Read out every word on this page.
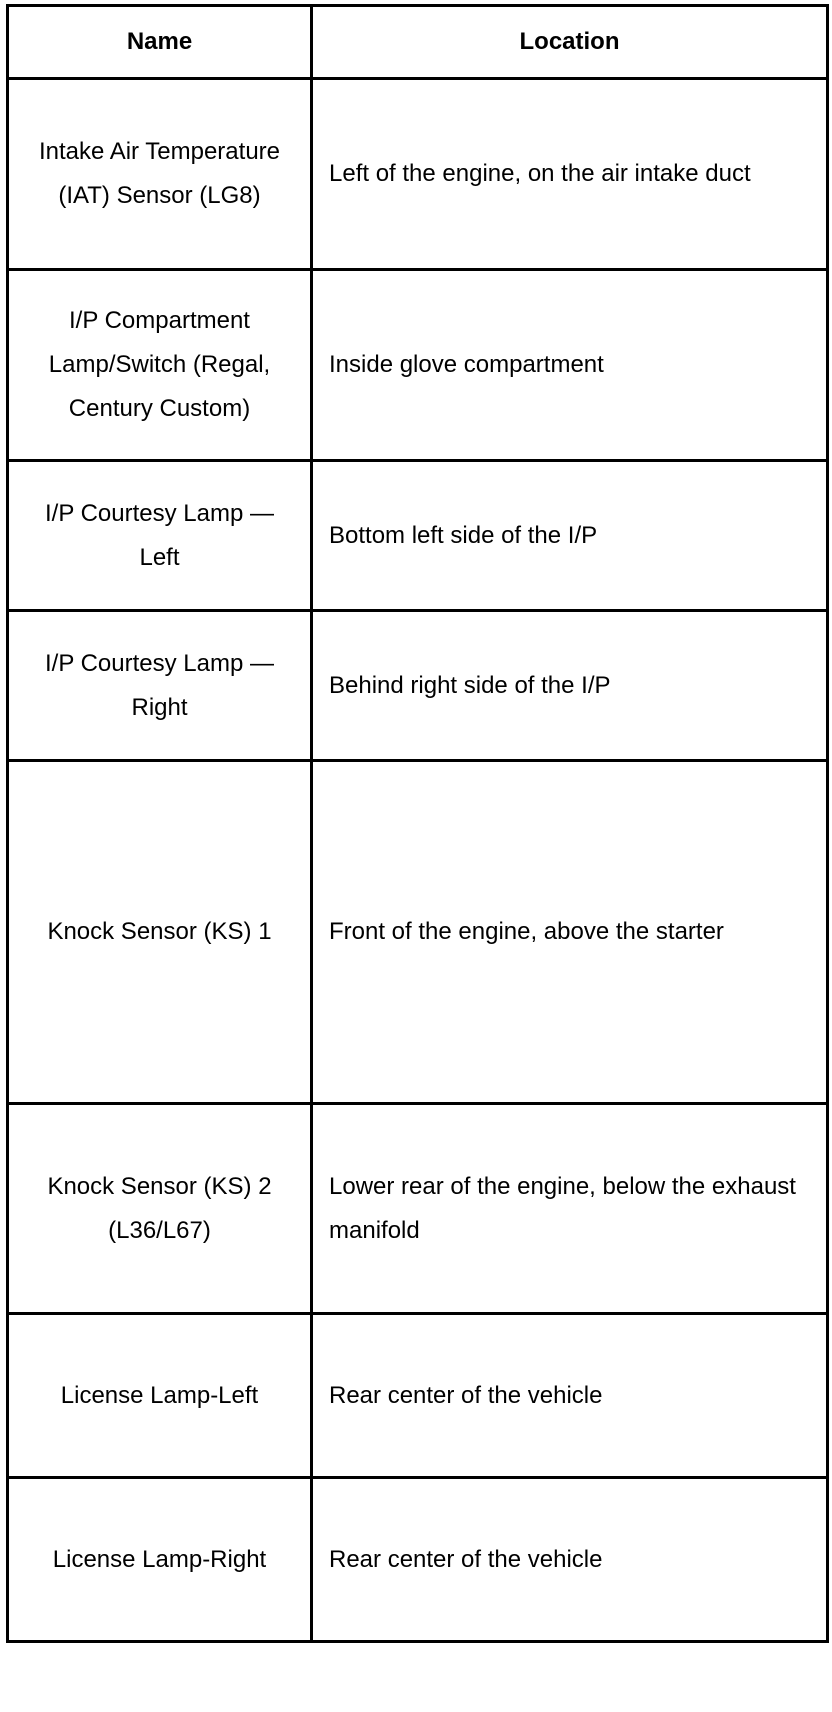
Name	Location
Intake Air Temperature (IAT) Sensor (LG8)	Left of the engine, on the air intake duct
I/P Compartment Lamp/Switch (Regal, Century Custom)	Inside glove compartment
I/P Courtesy Lamp — Left	Bottom left side of the I/P
I/P Courtesy Lamp — Right	Behind right side of the I/P
Knock Sensor (KS) 1	Front of the engine, above the starter
Knock Sensor (KS) 2 (L36/L67)	Lower rear of the engine, below the exhaust manifold
License Lamp-Left	Rear center of the vehicle
License Lamp-Right	Rear center of the vehicle
